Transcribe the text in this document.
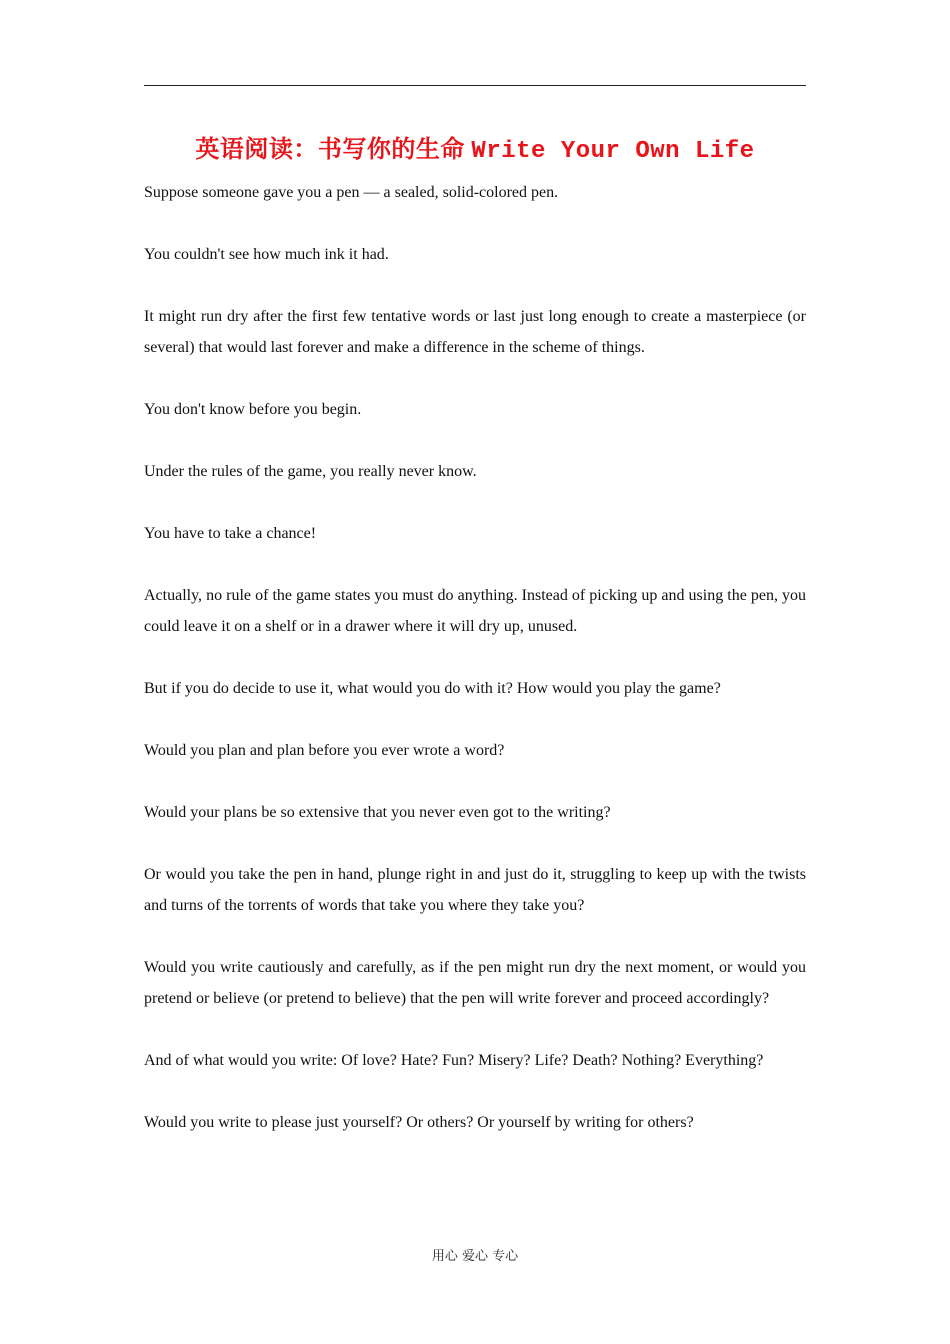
英语阅读：书写你的生命 Write Your Own Life

Suppose someone gave you a pen — a sealed, solid-colored pen.

You couldn't see how much ink it had.

It might run dry after the first few tentative words or last just long enough to create a masterpiece (or several) that would last forever and make a difference in the scheme of things.

You don't know before you begin.

Under the rules of the game, you really never know.

You have to take a chance!

Actually, no rule of the game states you must do anything. Instead of picking up and using the pen, you could leave it on a shelf or in a drawer where it will dry up, unused.

But if you do decide to use it, what would you do with it? How would you play the game?

Would you plan and plan before you ever wrote a word?

Would your plans be so extensive that you never even got to the writing?

Or would you take the pen in hand, plunge right in and just do it, struggling to keep up with the twists and turns of the torrents of words that take you where they take you?

Would you write cautiously and carefully, as if the pen might run dry the next moment, or would you pretend or believe (or pretend to believe) that the pen will write forever and proceed accordingly?

And of what would you write: Of love? Hate? Fun? Misery? Life? Death? Nothing? Everything?

Would you write to please just yourself? Or others? Or yourself by writing for others?

用心 爱心 专心
